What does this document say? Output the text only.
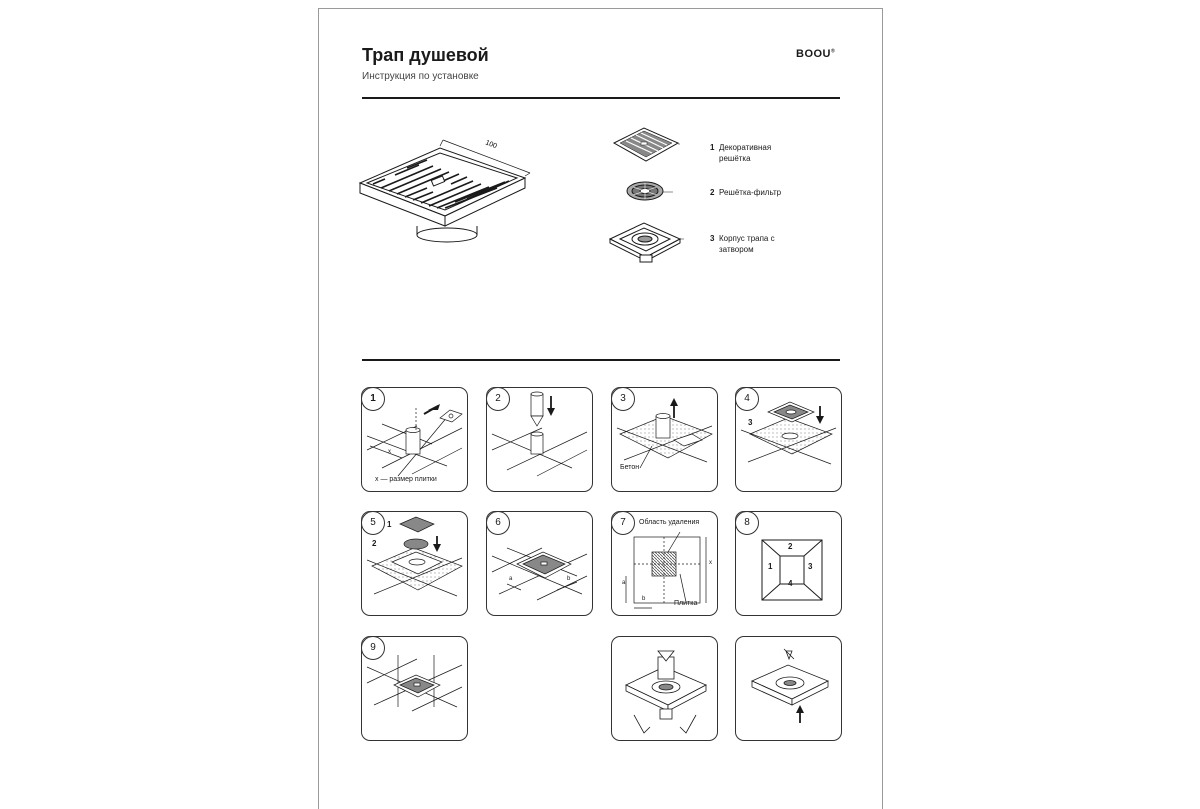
Трап душевой
Инструкция по установке
BOOU®
100	1 Декоративная решётка
2 Решётка-фильтр
3 Корпус трапа с затвором
1
x
x — размер плитки
2	3
Бетон
4
3
5	1
2
6
a	b
7	Область удаления
Плитка
x
a
b
8
1
2
3
4
9
